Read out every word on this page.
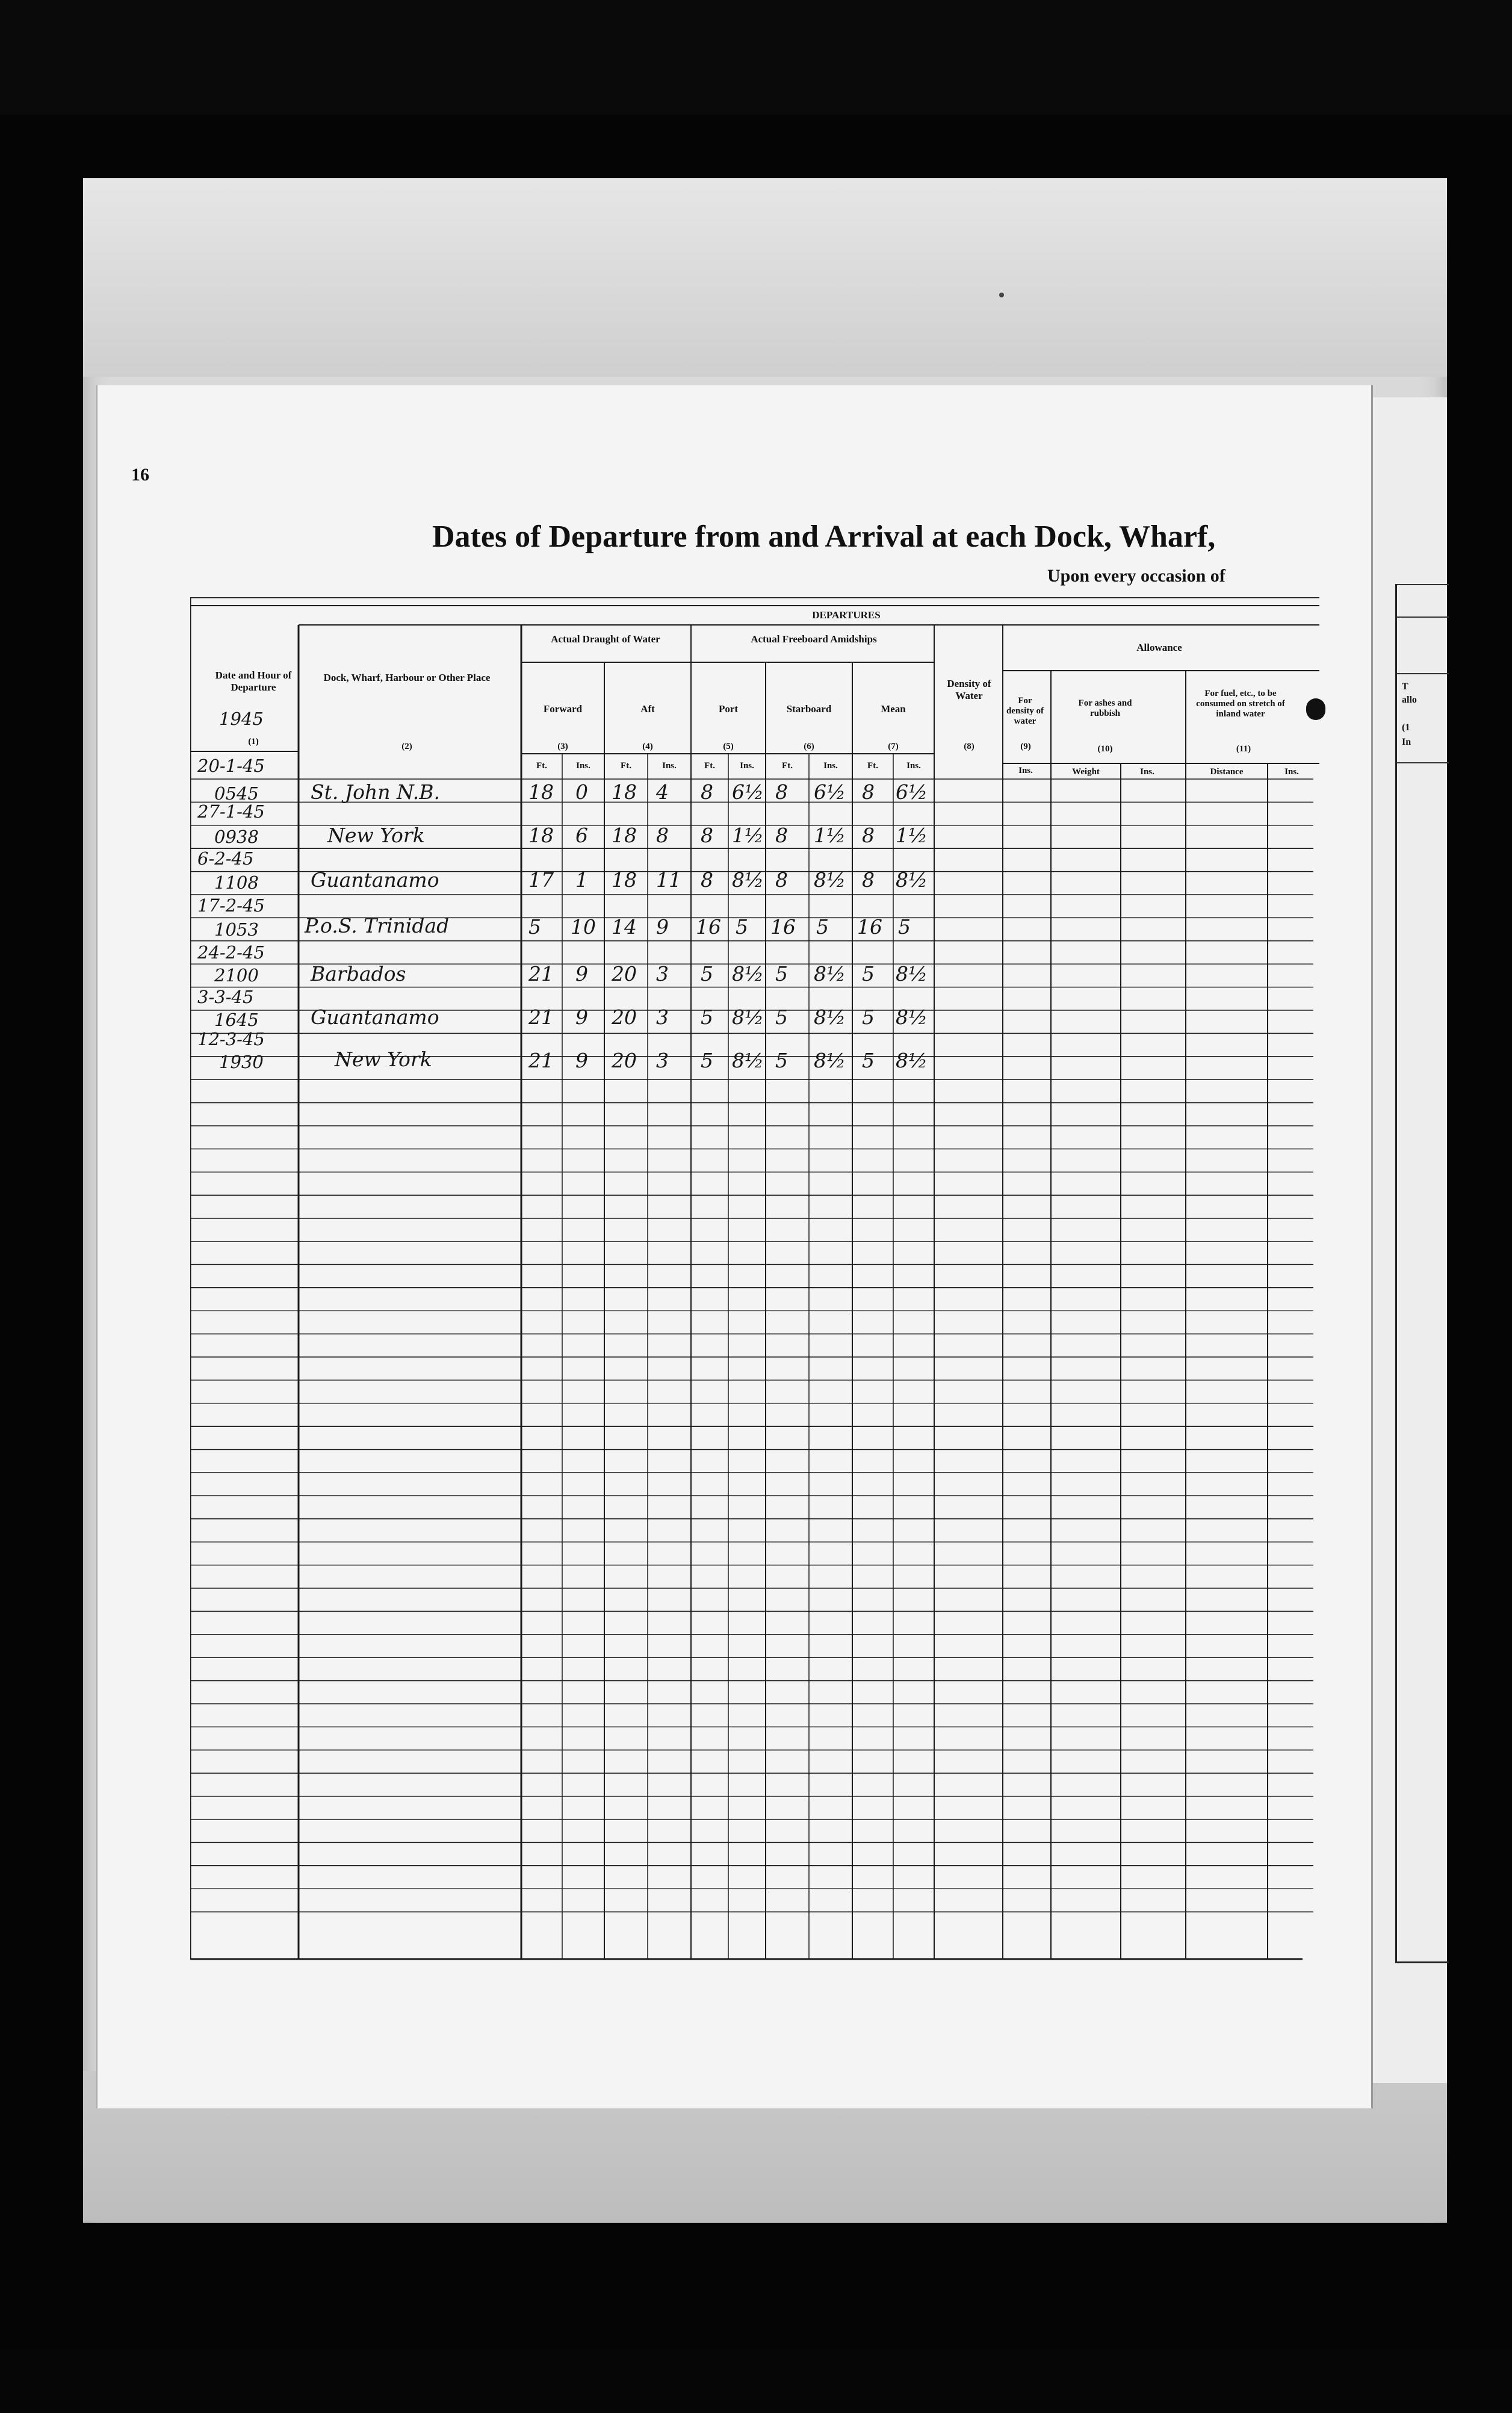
16
Dates of Departure from and Arrival at each Dock, Wharf,
Upon every occasion of
DEPARTURES
Actual Draught of Water	Actual Freeboard Amidships
Allowance
Date and Hour of Departure
1945
Dock, Wharf, Harbour or Other Place
Forward	Aft	Port	Starboard	Mean
Density of Water	For density of water
For ashes and rubbish
For fuel, etc., to be consumed on stretch of inland water
(1)	(2)	(3)	(4)	(5)	(6)	(7)	(8)	(9)	(10)	(11)
Ft.	Ins.	Ft.	Ins.	Ft.	Ins.	Ft.	Ins.	Ft.	Ins.	Ins.	Weight	Ins.	Distance	Ins.
20-1-45
0545	St. John N.B.	18 0 18 4 8 6½ 8 6½ 8 6½
27-1-45
0938	New York	18 6 18 8 8 1½ 8 1½ 8 1½
6-2-45
1108	Guantanamo	17 1 18 11 8 8½ 8 8½ 8 8½
17-2-45
1053 P.o.S. Trinidad	5 10 14 9 16 5 16 5 16 5
24-2-45
2100	Barbados	21 9 20 3 5 8½ 5 8½ 5 8½
3-3-45
1645	Guantanamo	21 9 20 3 5 8½ 5 8½ 5 8½
12-3-45
1930	New York	21 9 20 3 5 8½ 5 8½ 5 8½
T
allo
(1
In
